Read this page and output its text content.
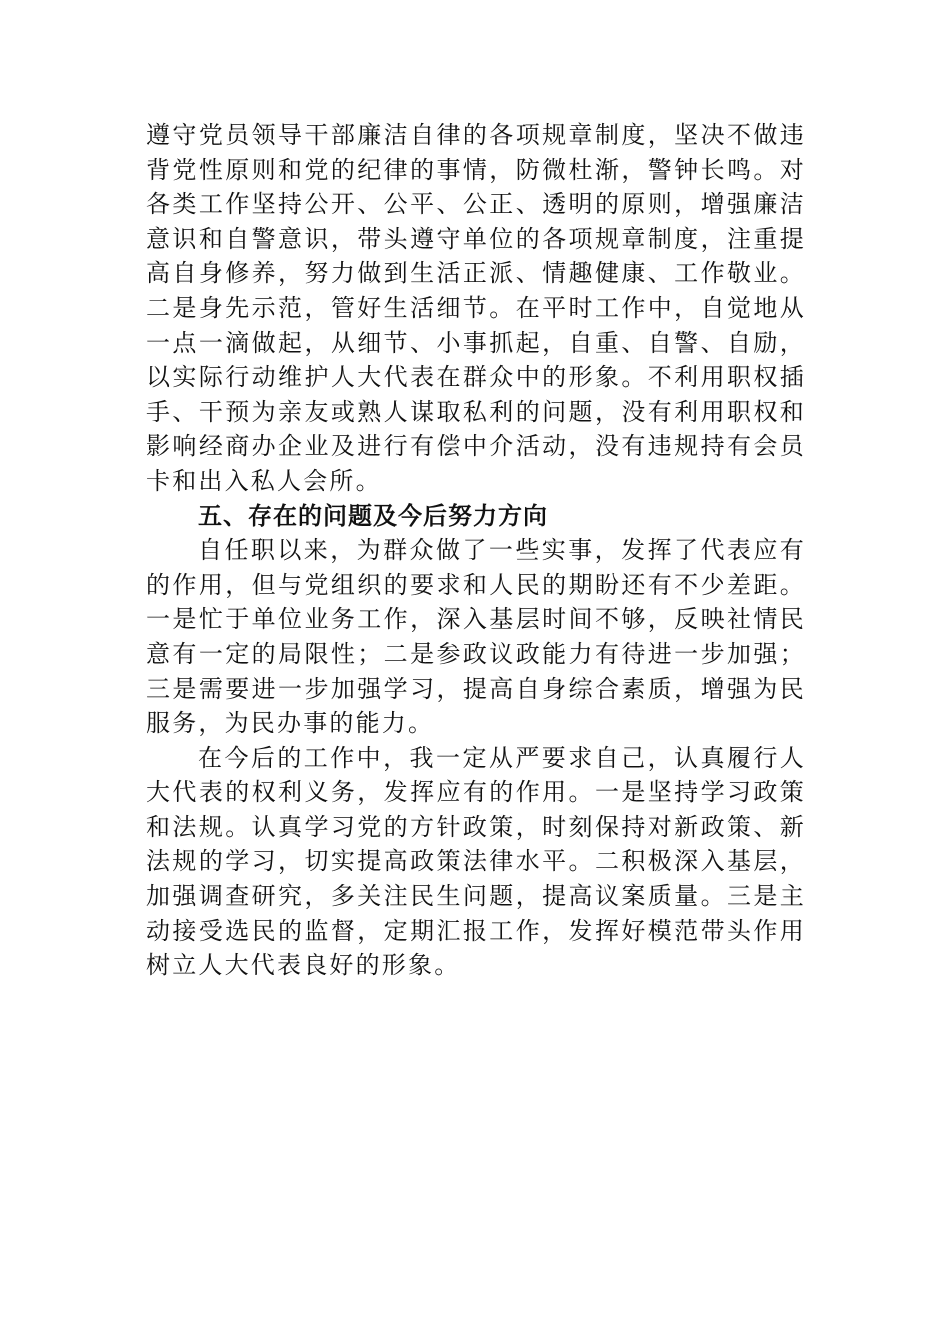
遵守党员领导干部廉洁自律的各项规章制度，坚决不做违背党性原则和党的纪律的事情，防微杜渐，警钟长鸣。对各类工作坚持公开、公平、公正、透明的原则，增强廉洁意识和自警意识，带头遵守单位的各项规章制度，注重提高自身修养，努力做到生活正派、情趣健康、工作敬业。二是身先示范，管好生活细节。在平时工作中，自觉地从一点一滴做起，从细节、小事抓起，自重、自警、自励，以实际行动维护人大代表在群众中的形象。不利用职权插手、干预为亲友或熟人谋取私利的问题，没有利用职权和影响经商办企业及进行有偿中介活动，没有违规持有会员卡和出入私人会所。

五、存在的问题及今后努力方向

自任职以来，为群众做了一些实事，发挥了代表应有的作用，但与党组织的要求和人民的期盼还有不少差距。一是忙于单位业务工作，深入基层时间不够，反映社情民意有一定的局限性；二是参政议政能力有待进一步加强；三是需要进一步加强学习，提高自身综合素质，增强为民服务，为民办事的能力。

在今后的工作中，我一定从严要求自己，认真履行人大代表的权利义务，发挥应有的作用。一是坚持学习政策和法规。认真学习党的方针政策，时刻保持对新政策、新法规的学习，切实提高政策法律水平。二积极深入基层，加强调查研究，多关注民生问题，提高议案质量。三是主动接受选民的监督，定期汇报工作，发挥好模范带头作用树立人大代表良好的形象。
